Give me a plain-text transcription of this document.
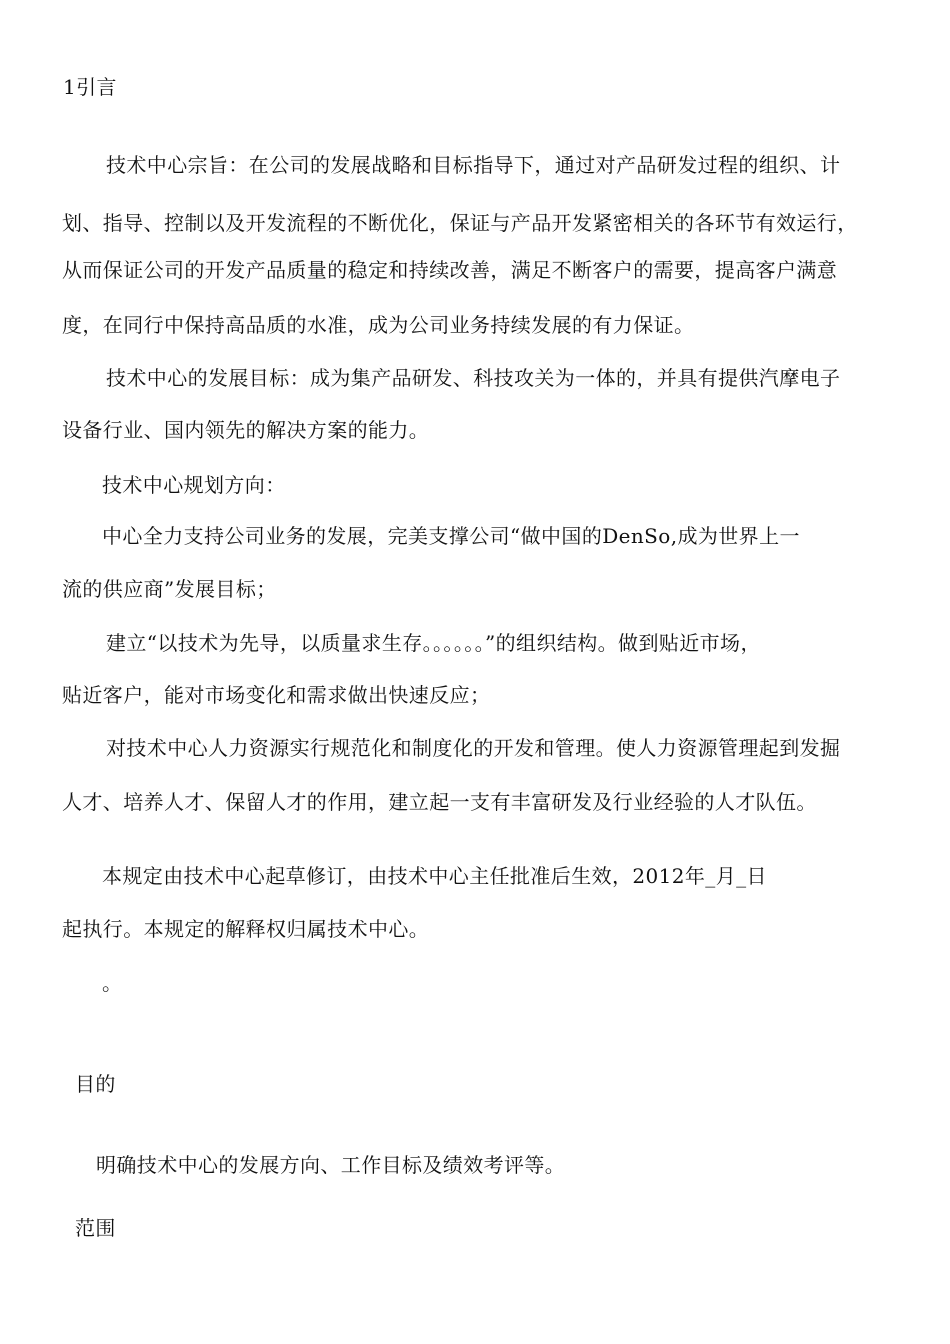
1引言
技术中心宗旨：在公司的发展战略和目标指导下，通过对产品研发过程的组织、计
划、指导、控制以及开发流程的不断优化，保证与产品开发紧密相关的各环节有效运行，
从而保证公司的开发产品质量的稳定和持续改善，满足不断客户的需要，提高客户满意
度，在同行中保持高品质的水准，成为公司业务持续发展的有力保证。
技术中心的发展目标：成为集产品研发、科技攻关为一体的，并具有提供汽摩电子
设备行业、国内领先的解决方案的能力。
技术中心规划方向：
中心全力支持公司业务的发展，完美支撑公司“做中国的DenSo,成为世界上一
流的供应商”发展目标；
建立“以技术为先导，以质量求生存。。。。。。”的组织结构。做到贴近市场，
贴近客户，能对市场变化和需求做出快速反应；
对技术中心人力资源实行规范化和制度化的开发和管理。使人力资源管理起到发掘
人才、培养人才、保留人才的作用，建立起一支有丰富研发及行业经验的人才队伍。
本规定由技术中心起草修订，由技术中心主任批准后生效，2012年_月_日
起执行。本规定的解释权归属技术中心。
。
目的
明确技术中心的发展方向、工作目标及绩效考评等。
范围
